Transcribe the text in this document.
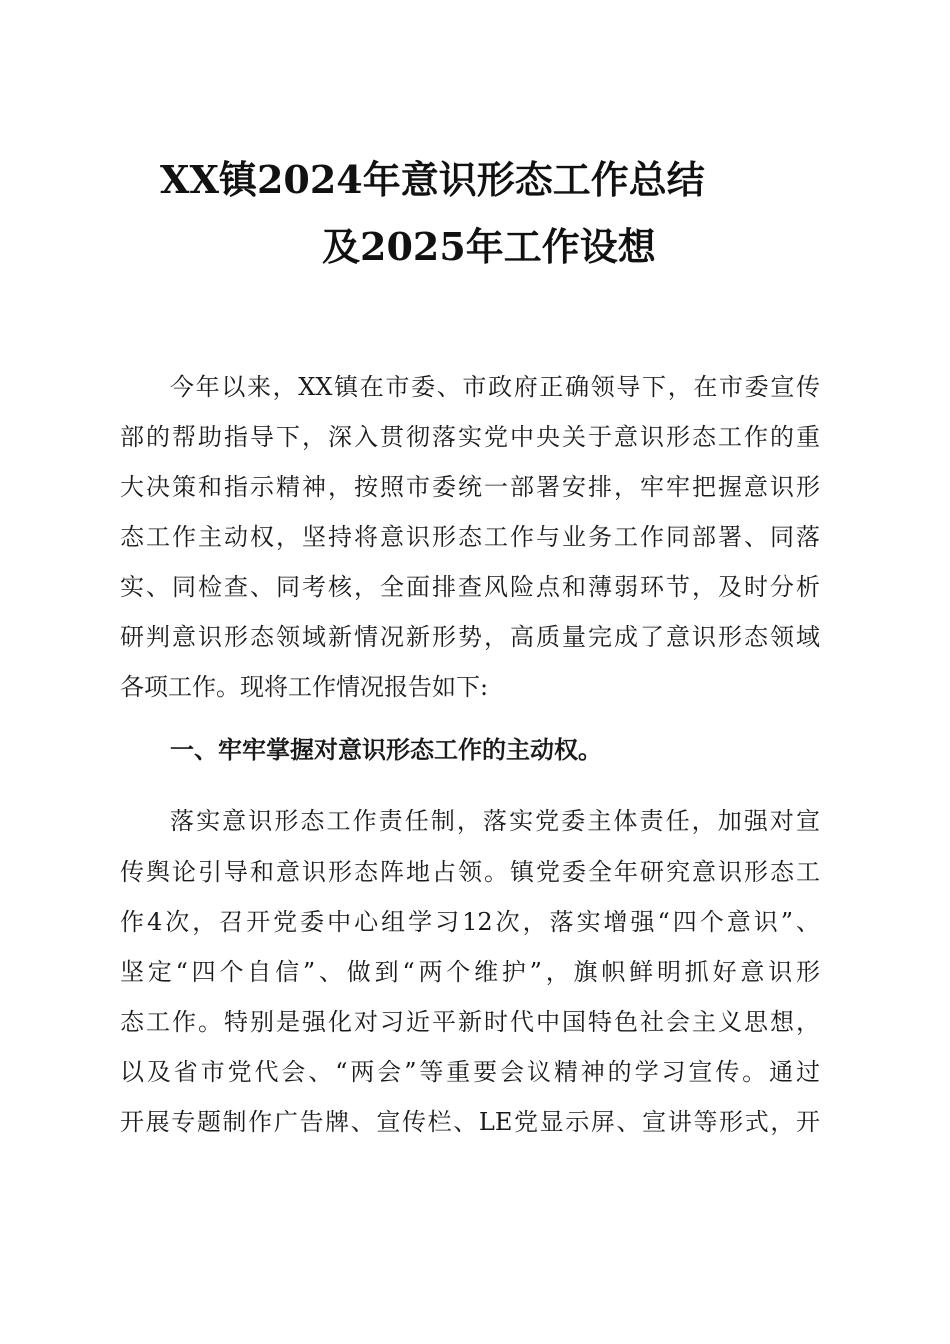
XX镇2024年意识形态工作总结
及2025年工作设想

今年以来，XX镇在市委、市政府正确领导下，在市委宣传

部的帮助指导下，深入贯彻落实党中央关于意识形态工作的重

大决策和指示精神，按照市委统一部署安排，牢牢把握意识形

态工作主动权，坚持将意识形态工作与业务工作同部署、同落

实、同检查、同考核，全面排查风险点和薄弱环节，及时分析

研判意识形态领域新情况新形势，高质量完成了意识形态领域

各项工作。现将工作情况报告如下:

一、牢牢掌握对意识形态工作的主动权。

落实意识形态工作责任制，落实党委主体责任，加强对宣

传舆论引导和意识形态阵地占领。镇党委全年研究意识形态工

作4次，召开党委中心组学习12次，落实增强“四个意识”、

坚定“四个自信”、做到“两个维护”，旗帜鲜明抓好意识形

态工作。特别是强化对习近平新时代中国特色社会主义思想，

以及省市党代会、“两会”等重要会议精神的学习宣传。通过

开展专题制作广告牌、宣传栏、LE党显示屏、宣讲等形式，开
